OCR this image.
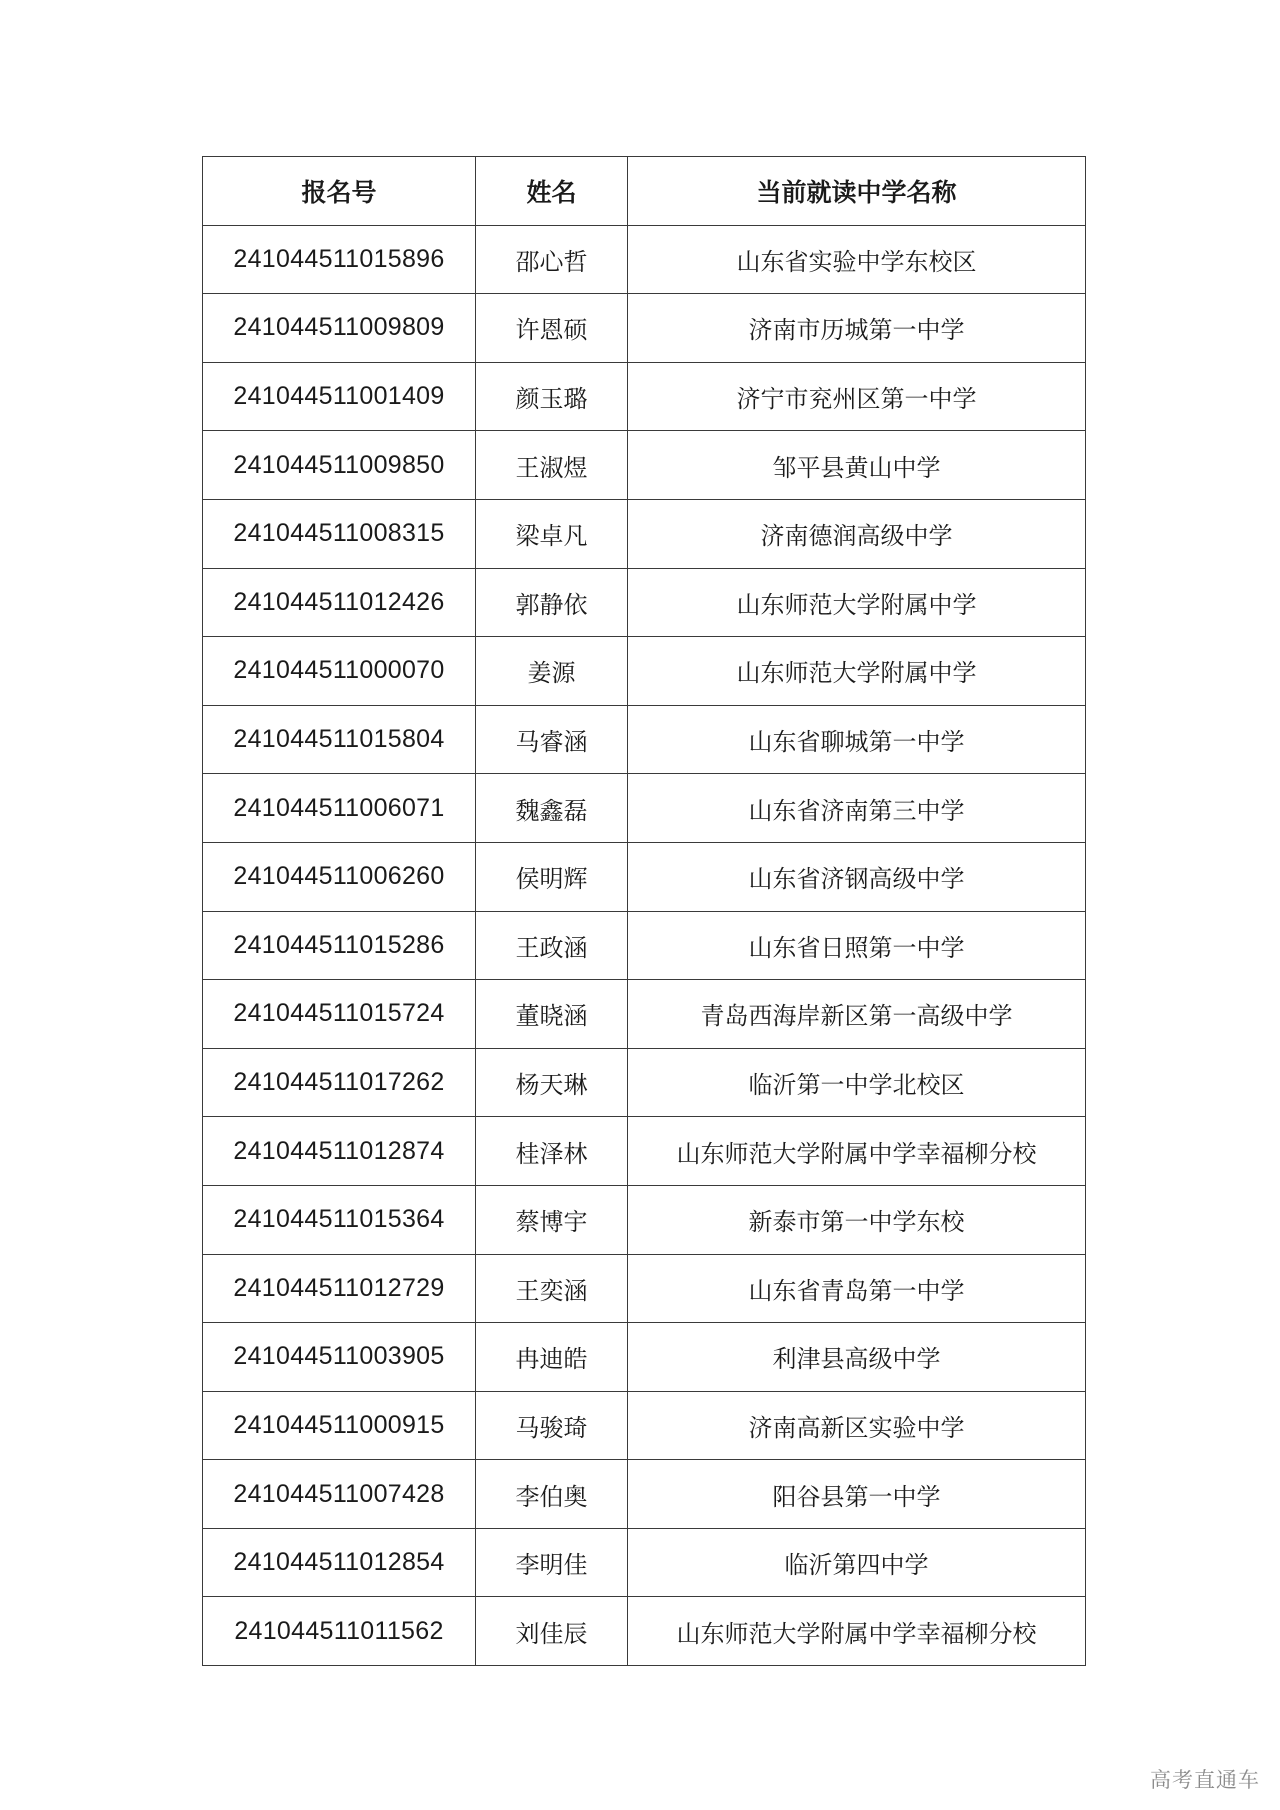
报名号	姓名	当前就读中学名称
241044511015896	邵心哲	山东省实验中学东校区
241044511009809	许恩硕	济南市历城第一中学
241044511001409	颜玉璐	济宁市兖州区第一中学
241044511009850	王淑煜	邹平县黄山中学
241044511008315	梁卓凡	济南德润高级中学
241044511012426	郭静依	山东师范大学附属中学
241044511000070	姜源	山东师范大学附属中学
241044511015804	马睿涵	山东省聊城第一中学
241044511006071	魏鑫磊	山东省济南第三中学
241044511006260	侯明辉	山东省济钢高级中学
241044511015286	王政涵	山东省日照第一中学
241044511015724	董晓涵	青岛西海岸新区第一高级中学
241044511017262	杨天琳	临沂第一中学北校区
241044511012874	桂泽林	山东师范大学附属中学幸福柳分校
241044511015364	蔡博宇	新泰市第一中学东校
241044511012729	王奕涵	山东省青岛第一中学
241044511003905	冉迪皓	利津县高级中学
241044511000915	马骏琦	济南高新区实验中学
241044511007428	李伯奥	阳谷县第一中学
241044511012854	李明佳	临沂第四中学
241044511011562	刘佳辰	山东师范大学附属中学幸福柳分校
高考直通车
